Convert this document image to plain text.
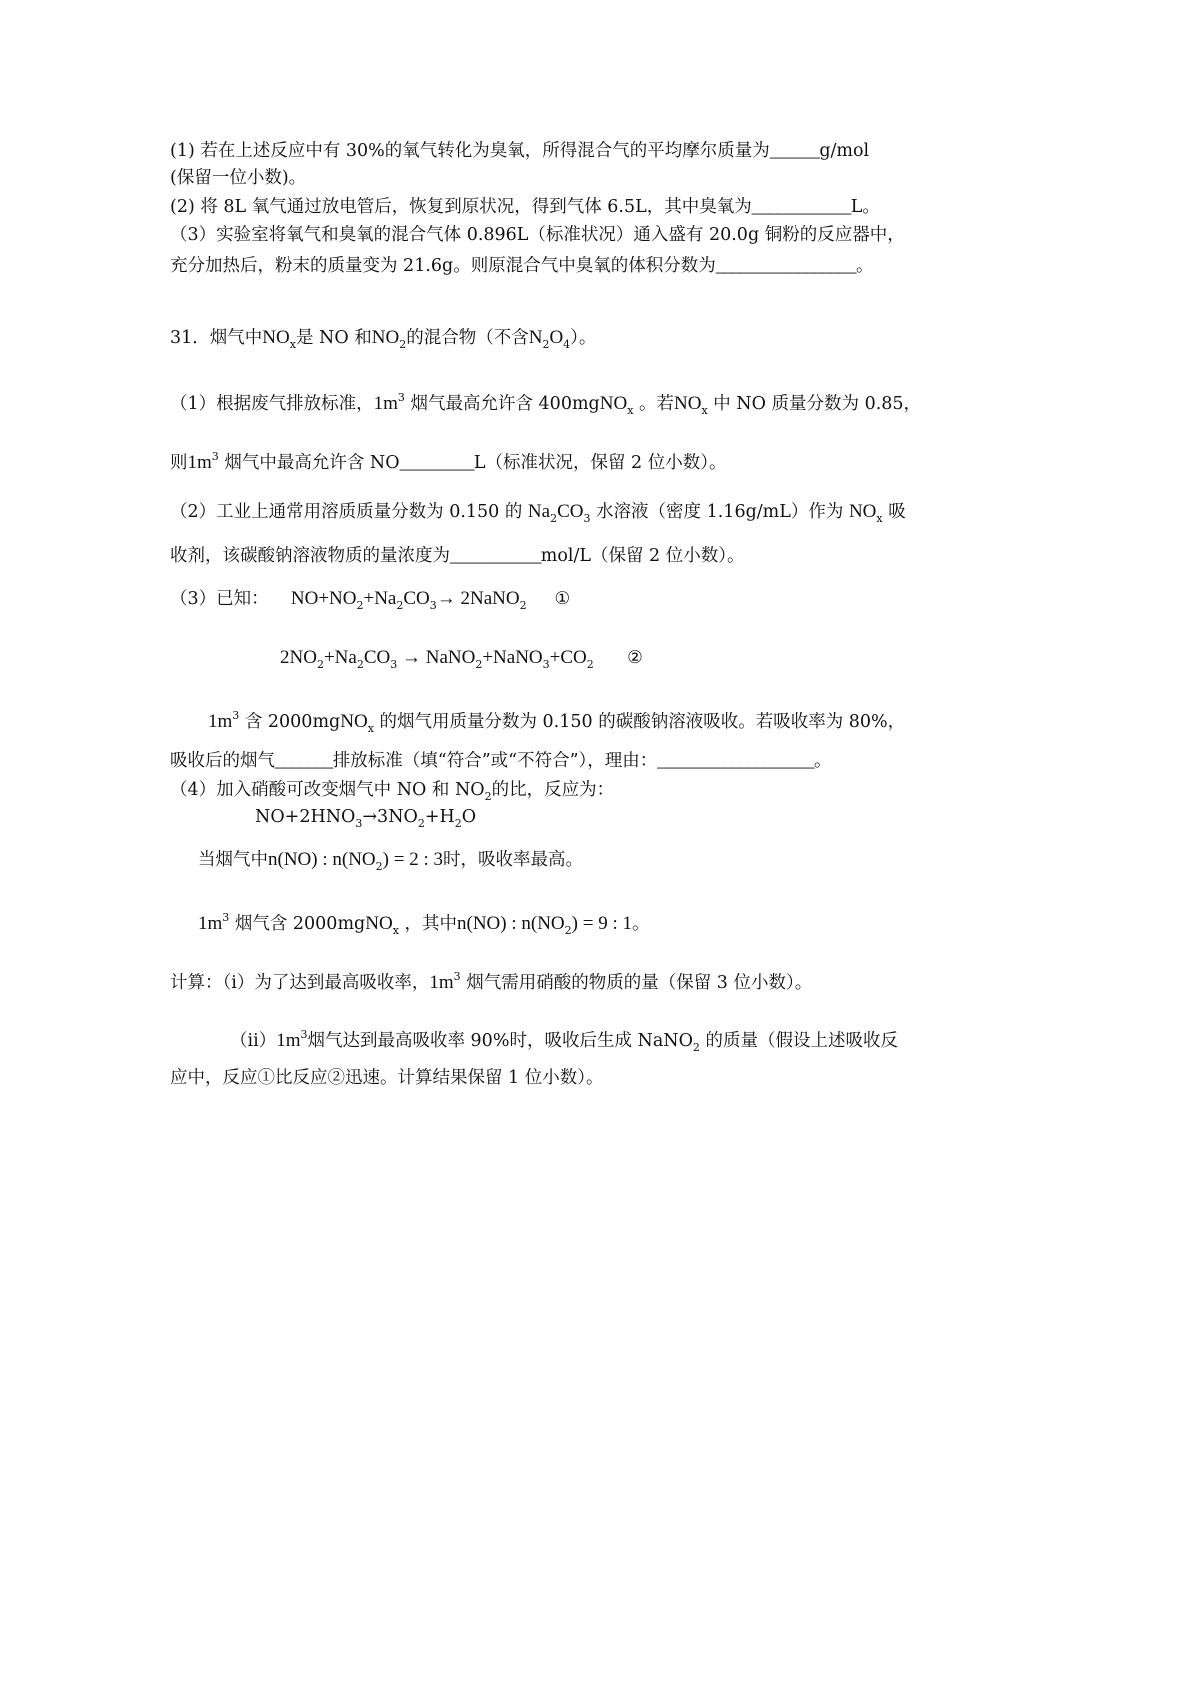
(1) 若在上述反应中有 30%的氧气转化为臭氧，所得混合气的平均摩尔质量为______g/mol
(保留一位小数)。
(2) 将 8L 氧气通过放电管后，恢复到原状况，得到气体 6.5L，其中臭氧为____________L。
（3）实验室将氧气和臭氧的混合气体 0.896L（标准状况）通入盛有 20.0g 铜粉的反应器中，
充分加热后，粉末的质量变为 21.6g。则原混合气中臭氧的体积分数为_________________。
31．烟气中$NO_x$是 NO 和$NO_2$的混合物（不含$N_2O_4$）。
（1）根据废气排放标准，$1m^3$ 烟气最高允许含 400mgNO$_x$ 。若$NO_x$ 中 NO 质量分数为 0.85，
则$1m^3$ 烟气中最高允许含 NO_________L（标准状况，保留 2 位小数）。
（2）工业上通常用溶质质量分数为 0.150 的 $Na_2CO_3$ 水溶液（密度 1.16g/mL）作为 $NO_x$ 吸
收剂，该碳酸钠溶液物质的量浓度为___________mol/L（保留 2 位小数）。
（3）已知：    $NO+NO_2+Na_2CO_3\to$ 2NaNO$_2$     ①
$2NO_2+Na_2CO_3$ → $NaNO_2+NaNO_3+CO_2$      ②
$1m^3$ 含 2000mgNO$_x$ 的烟气用质量分数为 0.150 的碳酸钠溶液吸收。若吸收率为 80%，
吸收后的烟气_______排放标准（填“符合”或“不符合”），理由：___________________。
（4）加入硝酸可改变烟气中 NO 和 $NO_2$的比，反应为：
$NO+2HNO_3\to 3NO_2+H_2O$
当烟气中n(NO) : $n(NO_2) = 2$ : 3时，吸收率最高。
$1m^3$ 烟气含 2000mgNO$_x$ ，其中n(NO) : $n(NO_2) = 9$ : 1。
计算：（i）为了达到最高吸收率，$1m^3$ 烟气需用硝酸的物质的量（保留 3 位小数）。
$(ii)1m^3$烟气达到最高吸收率 90%时，吸收后生成 NaNO$_2$ 的质量（假设上述吸收反
应中，反应①比反应②迅速。计算结果保留 1 位小数）。
